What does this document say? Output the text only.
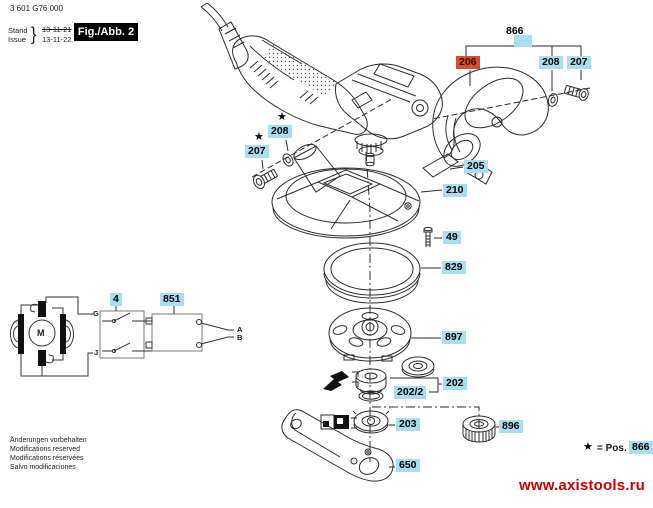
3 601 G76 000
Stand
Issue } 13-11-21
13-11-22
Fig./Abb. 2	866
206	208 207
★
208
★
207
205
210
49
829
897
202
202/2
203	896
650
4	851
M
G
J
A
B
★ = Pos. 866
Änderungen vorbehalten
Modifications reserved
Modifications réservées
Salvo modificaciones
www.axistools.ru
